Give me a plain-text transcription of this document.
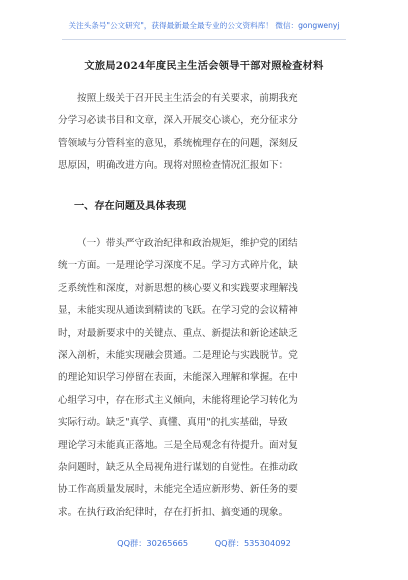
关注头条号"公文研究"，获得最新最全最专业的公文资料库！ 微信：gongwenyj
文旅局2024年度民主生活会领导干部对照检查材料
按照上级关于召开民主生活会的有关要求，前期我充
分学习必读书目和文章，深入开展交心谈心，充分征求分
管领域与分管科室的意见，系统梳理存在的问题，深刻反
思原因，明确改进方向。现将对照检查情况汇报如下：
一、存在问题及具体表现
（一）带头严守政治纪律和政治规矩，维护党的团结
统一方面。一是理论学习深度不足。学习方式碎片化，缺
乏系统性和深度，对新思想的核心要义和实践要求理解浅
显，未能实现从通读到精读的飞跃。在学习党的会议精神
时，对最新要求中的关键点、重点、新提法和新论述缺乏
深入剖析，未能实现融会贯通。二是理论与实践脱节。党
的理论知识学习停留在表面，未能深入理解和掌握。在中
心组学习中，存在形式主义倾向，未能将理论学习转化为
实际行动。缺乏"真学、真懂、真用"的扎实基础，导致
理论学习未能真正落地。三是全局观念有待提升。面对复
杂问题时，缺乏从全局视角进行谋划的自觉性。在推动政
协工作高质量发展时，未能完全适应新形势、新任务的要
求。在执行政治纪律时，存在打折扣、搞变通的现象。
QQ群：30265665	QQ群：535304092
